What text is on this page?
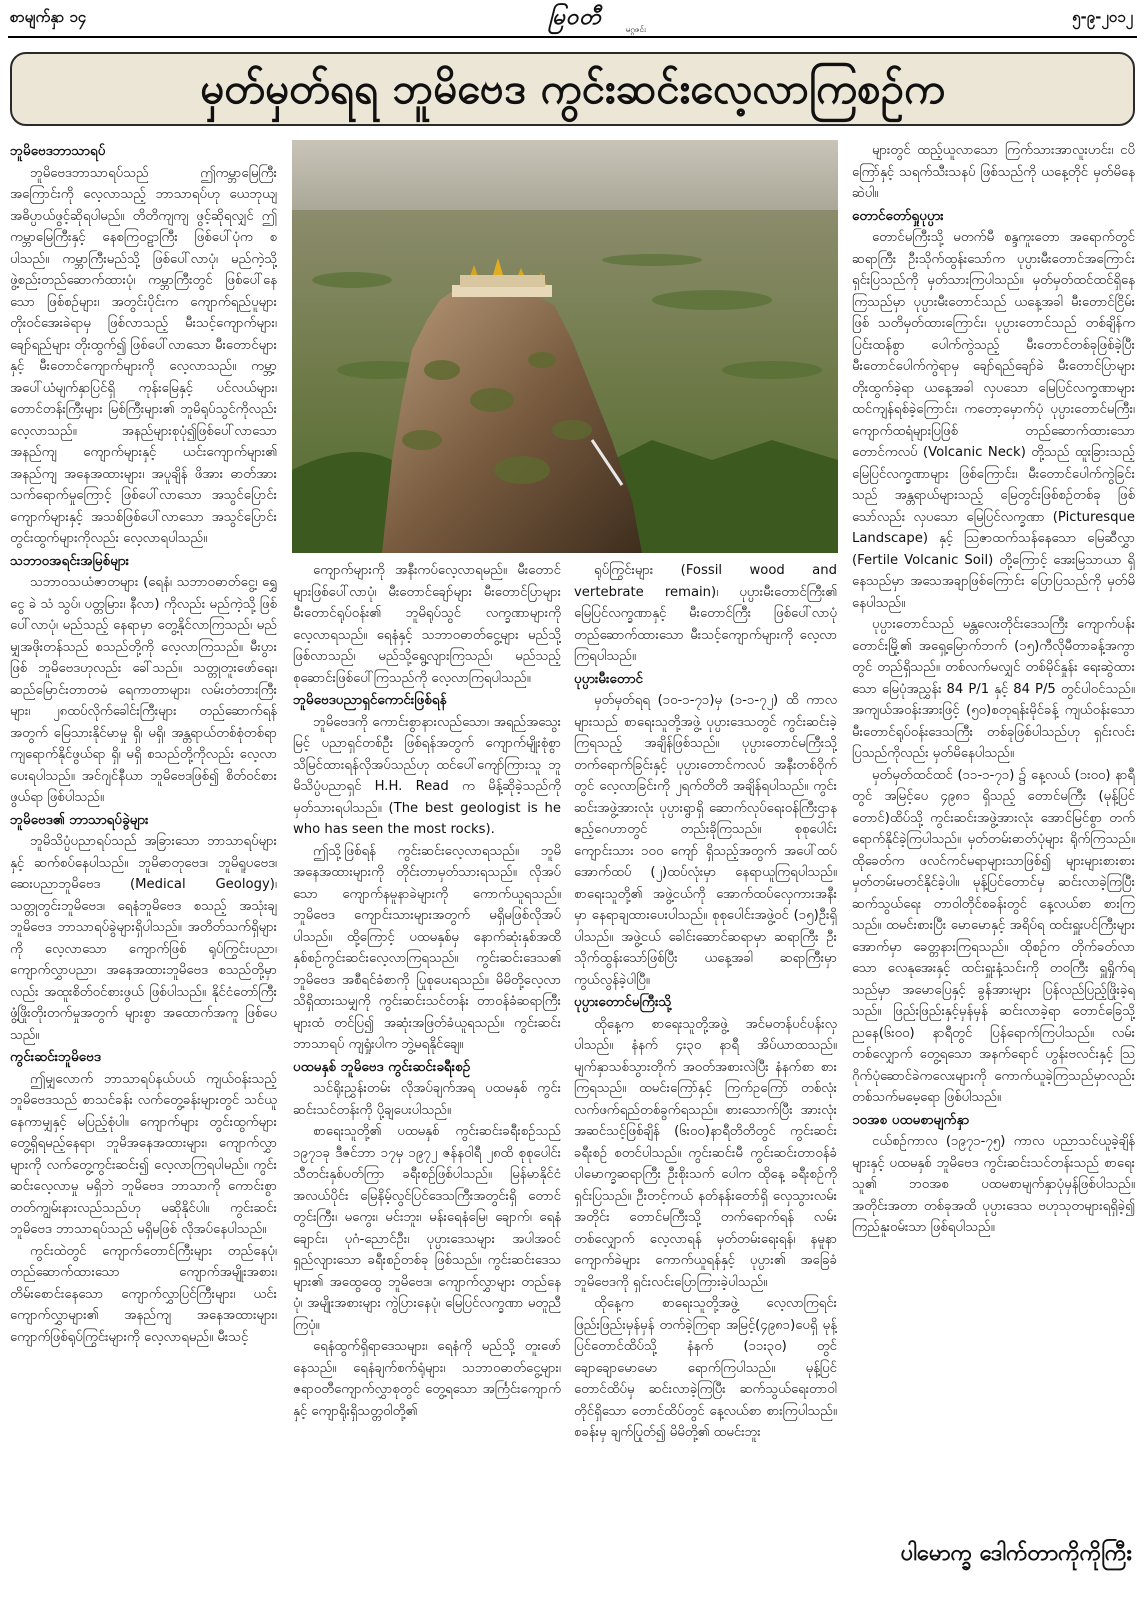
စာမျက်နှာ ၁၄	မြဝတီ	မဂ္ဂဇင်း
၅-၉-၂၀၁၂
မှတ်မှတ်ရရ ဘူမိဗေဒ ကွင်းဆင်းလေ့လာကြစဉ်က
ဘူမိဗေဒဘာသာရပ်

ဘူမိဗေဒဘာသာရပ်သည် ဤကမ္ဘာမြေကြီး အကြောင်းကို လေ့လာသည့် ဘာသာရပ်ဟု ယေဘုယျ အဓိပ္ပာယ်ဖွင့်ဆိုရပါမည်။ တိတိကျကျ ဖွင့်ဆိုရလျှင် ဤကမ္ဘာမြေကြီးနှင့် နေစကြဝဠာကြီး ဖြစ်ပေါ်ပုံက စပါသည်။ ကမ္ဘာကြီးမည်သို့ ဖြစ်ပေါ်လာပုံ၊ မည်ကဲ့သို့ ဖွဲ့စည်းတည်ဆောက်ထားပုံ၊ ကမ္ဘာကြီးတွင် ဖြစ်ပေါ်နေသော ဖြစ်စဉ်များ၊ အတွင်းပိုင်းက ကျောက်ရည်ပူများ တိုးဝင်အေးခဲရာမှ ဖြစ်လာသည့် မီးသင့်ကျောက်များ၊ ချော်ရည်များ တိုးထွက်၍ ဖြစ်ပေါ်လာသော မီးတောင်များနှင့် မီးတောင်ကျောက်များကို လေ့လာသည်။ ကမ္ဘာ့အပေါ်ယံမျက်နှာပြင်ရှိ ကုန်းမြေနှင့် ပင်လယ်များ၊ တောင်တန်းကြီးများ မြစ်ကြီးများ၏ ဘူမိရုပ်သွင်ကိုလည်း လေ့လာသည်။ အနည်များစုပုံ၍ဖြစ်ပေါ်လာသော အနည်ကျ ကျောက်များနှင့် ယင်းကျောက်များ၏ အနည်ကျ အနေအထားများ၊ အပူချိန် ဖိအား ဓာတ်အား သက်ရောက်မှုကြောင့် ဖြစ်ပေါ်လာသော အသွင်ပြောင်းကျောက်များနှင့် အသစ်ဖြစ်ပေါ်လာသော အသွင်ပြောင်း တွင်းထွက်များကိုလည်း လေ့လာရပါသည်။

သဘာဝအရင်းအမြစ်များ

သဘာဝသယံဇာတများ (ရေနံ၊ သဘာဝဓာတ်ငွေ့၊ ရွှေ ငွေ ခဲ သံ သွပ်၊ ပတ္တမြား၊ နီလာ) ကိုလည်း မည်ကဲ့သို့ ဖြစ်ပေါ်လာပုံ၊ မည်သည့် နေရာမှာ တွေ့နိုင်လာကြသည်၊ မည်မျှအဖိုးတန်သည် စသည်တို့ကို လေ့လာကြသည်။ မီးပွားဖြစ် ဘူမိဗေဒဟုလည်း ခေါ်သည်။ သတ္တုတူးဖော်ရေး၊ ဆည်မြောင်းတာတမံ ရေကာတာများ၊ လမ်းတံတားကြီးများ၊ ၂၈ထပ်လိုက်ခေါင်းကြီးများ တည်ဆောက်ရန်အတွက် မြေသားနိုင်မာမှု ရှိ၊ မရှိ၊ အန္တရာယ်တစ်စုံတစ်ရာ ကျရောက်နိုင်ဖွယ်ရာ ရှိ၊ မရှိ စသည်တို့ကိုလည်း လေ့လာပေးရပါသည်။ အင်ဂျင်နီယာ ဘူမိဗေဒဖြစ်၍ စိတ်ဝင်စားဖွယ်ရာ ဖြစ်ပါသည်။

ဘူမိဗေဒ၏ ဘာသာရပ်ခွဲများ

ဘူမိသိပ္ပံပညာရပ်သည် အခြားသော ဘာသာရပ်များနှင့် ဆက်စပ်နေပါသည်။ ဘူမိဓာတုဗေဒ၊ ဘူမိရူပဗေဒ၊ ဆေးပညာဘူမိဗေဒ (Medical Geology)၊ သတ္တုတွင်းဘူမိဗေဒ၊ ရေနံဘူမိဗေဒ စသည့် အသုံးချ ဘူမိဗေဒ ဘာသာရပ်ခွဲများရှိပါသည်။ အတိတ်သက်ရှိများကို လေ့လာသော ကျောက်ဖြစ် ရုပ်ကြွင်းပညာ၊ ကျောက်လွှာပညာ၊ အနေအထားဘူမိဗေဒ စသည်တို့မှာလည်း အထူးစိတ်ဝင်စားဖွယ် ဖြစ်ပါသည်။ နိုင်ငံတော်ကြီး ဖွံ့ဖြိုးတိုးတက်မှုအတွက် များစွာ အထောက်အကူ ဖြစ်ပေသည်။

ကွင်းဆင်းဘူမိဗေဒ

ဤမျှလောက် ဘာသာရပ်နယ်ပယ် ကျယ်ဝန်းသည့် ဘူမိဗေဒသည် စာသင်ခန်း လက်တွေ့ခန်းများတွင် သင်ယူနေကာမျှနှင့် မပြည့်စုံပါ။ ကျောက်များ တွင်းထွက်များ တွေ့ရှိရမည့်နေရာ၊ ဘူမိအနေအထားများ၊ ကျောက်လွှာများကို လက်တွေ့ကွင်းဆင်း၍ လေ့လာကြရပါမည်။ ကွင်းဆင်းလေ့လာမှု မရှိဘဲ ဘူမိဗေဒ ဘာသာကို ကောင်းစွာ တတ်ကျွမ်းနားလည်သည်ဟု မဆိုနိုင်ပါ။ ကွင်းဆင်းဘူမိဗေဒ ဘာသာရပ်သည် မရှိမဖြစ် လိုအပ်နေပါသည်။

ကွင်းထဲတွင် ကျောက်တောင်ကြီးများ တည်နေပုံ၊ တည်ဆောက်ထားသော ကျောက်အမျိုးအစား၊ တိမ်းစောင်းနေသော ကျောက်လွှာပြင်ကြီးများ၊ ယင်းကျောက်လွှာများ၏ အနည်ကျ အနေအထားများ၊ ကျောက်ဖြစ်ရုပ်ကြွင်းများကို လေ့လာရမည်။ မီးသင့်

ကျောက်များကို အနီးကပ်လေ့လာရမည်။ မီးတောင်များဖြစ်ပေါ်လာပုံ၊ မီးတောင်ချော်များ မီးတောင်ပြာများ မီးတောင်ရုပ်ဝန်း၏ ဘူမိရုပ်သွင် လက္ခဏာများကို လေ့လာရသည်။ ရေနံနှင့် သဘာဝဓာတ်ငွေ့များ မည်သို့ဖြစ်လာသည်၊ မည်သို့ရွေ့လျားကြသည်၊ မည်သည့် စုဆောင်းဖြစ်ပေါ်ကြသည်ကို လေ့လာကြရပါသည်။

ဘူမိဗေဒပညာရှင်ကောင်းဖြစ်ရန်

ဘူမိဗေဒကို ကောင်းစွာနားလည်သော၊ အရည်အသွေးမြင့် ပညာရှင်တစ်ဦး ဖြစ်ရန်အတွက် ကျောက်မျိုးစုံစွာ သိမြင်ထားရန်လိုအပ်သည်ဟု ထင်ပေါ်ကျော်ကြားသူ ဘူမိသိပ္ပံပညာရှင် H.H. Read က မိန့်ဆိုခဲ့သည်ကို မှတ်သားရပါသည်။ (The best geologist is he who has seen the most rocks).

ဤသို့ဖြစ်ရန် ကွင်းဆင်းလေ့လာရသည်။ ဘူမိအနေအထားများကို တိုင်းတာမှတ်သားရသည်။ လိုအပ်သော ကျောက်နမူနာခဲများကို ကောက်ယူရသည်။ ဘူမိဗေဒ ကျောင်းသားများအတွက် မရှိမဖြစ်လိုအပ်ပါသည်။ ထို့ကြောင့် ပထမနှစ်မှ နောက်ဆုံးနှစ်အထိ နှစ်စဉ်ကွင်းဆင်းလေ့လာကြရသည်။ ကွင်းဆင်းဒေသ၏ ဘူမိဗေဒ အစီရင်ခံစာကို ပြုစုပေးရသည်။ မိမိတို့လေ့လာ သိရှိထားသမျှကို ကွင်းဆင်းသင်တန်း တာဝန်ခံဆရာကြီးများထံ တင်ပြ၍ အဆုံးအဖြတ်ခံယူရသည်။ ကွင်းဆင်းဘာသာရပ် ကျရှုံးပါက ဘွဲ့မရနိုင်ချေ။

ပထမနှစ် ဘူမိဗေဒ ကွင်းဆင်းခရီးစဉ်

သင်ရိုးညွှန်းတမ်း လိုအပ်ချက်အရ ပထမနှစ် ကွင်းဆင်းသင်တန်းကို ပို့ချပေးပါသည်။

စာရေးသူတို့၏ ပထမနှစ် ကွင်းဆင်းခရီးစဉ်သည် ၁၉၇၁ခု ဒီဇင်ဘာ ၁၇မှ ၁၉၇၂ ဇန်နဝါရီ ၂၈ထိ စုစုပေါင်း သီတင်းနှစ်ပတ်ကြာ ခရီးစဉ်ဖြစ်ပါသည်။ မြန်မာနိုင်ငံ အလယ်ပိုင်း မြေနိမ့်လွင်ပြင်ဒေသကြီးအတွင်းရှိ တောင်တွင်းကြီး၊ မကွေး၊ မင်းဘူး၊ မန်းရေနံမြေ၊ ချောက်၊ ရေနံချောင်း၊ ပုဂံ-ညောင်ဦး၊ ပုပ္ပားဒေသများ အပါအဝင် ရှည်လျားသော ခရီးစဉ်တစ်ခု ဖြစ်သည်။ ကွင်းဆင်းဒေသများ၏ အထွေထွေ ဘူမိဗေဒ၊ ကျောက်လွှာများ တည်နေပုံ၊ အမျိုးအစားများ ကွဲပြားနေပုံ၊ မြေပြင်လက္ခဏာ မတူညီကြပုံ။

ရေနံထွက်ရှိရာဒေသများ၊ ရေနံကို မည်သို့ တူးဖော်နေသည်။ ရေနံချက်စက်ရုံများ၊ သဘာဝဓာတ်ငွေ့များ၊ ဇရာဝတီကျောက်လွှာစုတွင် တွေ့ရသော အင်္ကြင်းကျောက်နှင့် ကျောရိုးရှိသတ္တဝါတို့၏

ရုပ်ကြွင်းများ (Fossil wood and vertebrate remain)၊ ပုပ္ပားမီးတောင်ကြီး၏ မြေပြင်လက္ခဏာနှင့် မီးတောင်ကြီး ဖြစ်ပေါ်လာပုံ တည်ဆောက်ထားသော မီးသင့်ကျောက်များကို လေ့လာကြရပါသည်။

ပုပ္ပားမီးတောင်

မှတ်မှတ်ရရ (၁၀-၁-၇၁)မှ (၁-၁-၇၂) ထိ ကာလများသည် စာရေးသူတို့အဖွဲ့ ပုပ္ပားဒေသတွင် ကွင်းဆင်းခဲ့ကြရသည့် အချိန်ဖြစ်သည်။ ပုပ္ပားတောင်မကြီးသို့ တက်ရောက်ခြင်းနှင့် ပုပ္ပားတောင်ကလပ် အနီးတစ်ဝိုက်တွင် လေ့လာခြင်းကို ၂ရက်တိတိ အချိန်ရပါသည်။ ကွင်းဆင်းအဖွဲ့အားလုံး ပုပ္ပားရွာရှိ ဆောက်လုပ်ရေးဝန်ကြီးဌာန ဧည့်ဂေဟာတွင် တည်းခိုကြသည်။ စုစုပေါင်း ကျောင်းသား ၁၀၀ ကျော် ရှိသည့်အတွက် အပေါ်ထပ်အောက်ထပ် (၂)ထပ်လုံးမှာ နေရာယူကြရပါသည်။ စာရေးသူတို့၏ အဖွဲ့ငယ်ကို အောက်ထပ်လှေကားအနီးမှာ နေရာချထားပေးပါသည်။ စုစုပေါင်းအဖွဲ့ဝင် (၁၅)ဦးရှိပါသည်။ အဖွဲ့ငယ် ခေါင်းဆောင်ဆရာမှာ ဆရာကြီး ဦးသိုက်ထွန်းသော်ဖြစ်ပြီး ယနေ့အခါ ဆရာကြီးမှာ ကွယ်လွန်ခဲ့ပါပြီ။

ပုပ္ပားတောင်မကြီးသို့

ထိုနေ့က စာရေးသူတို့အဖွဲ့ အင်မတန်ပင်ပန်းလှပါသည်။ နံနက် ၄း၃၀ နာရီ အိပ်ယာထသည်။ မျက်နှာသစ်သွားတိုက် အဝတ်အစားလဲပြီး နံနက်စာ စားကြရသည်။ ထမင်းကြော်နှင့် ကြက်ဥကြော် တစ်လုံး လက်ဖက်ရည်တစ်ခွက်ရသည်။ စားသောက်ပြီး အားလုံးအဆင်သင့်ဖြစ်ချိန် (၆း၀၀)နာရီတိတိတွင် ကွင်းဆင်းခရီးစဉ် စတင်ပါသည်။ ကွင်းဆင်းမီ ကွင်းဆင်းတာဝန်ခံ ပါမောက္ခဆရာကြီး ဦးစိုးသက် ပေါက ထိုနေ့ ခရီးစဉ်ကို ရှင်းပြသည်။ ဦးတင့်ကယ် နတ်နန်းတော်ရှိ လှေသွားလမ်းအတိုင်း တောင်မကြီးသို့ တက်ရောက်ရန် လမ်းတစ်လျှောက် လေ့လာရန် မှတ်တမ်းရေးရန်၊ နမူနာကျောက်ခဲများ ကောက်ယူရန်နှင့် ပုပ္ပား၏ အခြေခံ ဘူမိဗေဒကို ရှင်းလင်းပြောကြားခဲ့ပါသည်။

ထိုနေ့က စာရေးသူတို့အဖွဲ့ လေ့လာကြရင်း ဖြည်းဖြည်းမှန်မှန် တက်ခဲ့ကြရာ အမြင့်(၄၉၈၁)ပေရှိ မုန့်ပြင်တောင်ထိပ်သို့ နံနက် (၁၁း၃၀) တွင် ချောချောမောမော ရောက်ကြပါသည်။ မုန့်ပြင်တောင်ထိပ်မှ ဆင်းလာခဲ့ကြပြီး ဆက်သွယ်ရေးတာဝါတိုင်ရှိသော တောင်ထိပ်တွင် နေ့လယ်စာ စားကြပါသည်။ စခန်းမှ ချက်ပြုတ်၍ မိမိတို့၏ ထမင်းဘူး

များတွင် ထည့်ယူလာသော ကြက်သားအာလူးဟင်း၊ ငပိကြော်နှင့် သရက်သီးသနပ် ဖြစ်သည်ကို ယနေ့တိုင် မှတ်မိနေဆဲပါ။

တောင်တော်ရှုပုပ္ပား

တောင်မကြီးသို့ မတက်မီ စန္ဒကူးတော အရောက်တွင် ဆရာကြီး ဦးသိုက်ထွန်းသော်က ပုပ္ပားမီးတောင်အကြောင်း ရှင်းပြသည်ကို မှတ်သားကြပါသည်။ မှတ်မှတ်ထင်ထင်ရှိနေကြသည်မှာ ပုပ္ပားမီးတောင်သည် ယနေ့အခါ မီးတောင်ငြိမ်းဖြစ် သတိမှတ်ထားကြောင်း၊ ပုပ္ပားတောင်သည် တစ်ချိန်က ပြင်းထန်စွာ ပေါက်ကွဲသည့် မီးတောင်တစ်ခုဖြစ်ခဲ့ပြီး မီးတောင်ပေါက်ကွဲရာမှ ချော်ရည်ချော်ခဲ မီးတောင်ပြာများ တိုးထွက်ခဲ့ရာ ယနေ့အခါ လှပသော မြေပြင်လက္ခဏာများ ထင်ကျန်ရစ်ခဲ့ကြောင်း၊ ကတော့မှောက်ပုံ ပုပ္ပားတောင်မကြီး၊ ကျောက်ထရံများပြဖြစ် တည်ဆောက်ထားသော တောင်ကလပ် (Volcanic Neck) တို့သည် ထူးခြားသည့် မြေပြင်လက္ခဏာများ ဖြစ်ကြောင်း၊ မီးတောင်ပေါက်ကွဲခြင်းသည် အန္တရာယ်များသည့် မြေတွင်းဖြစ်စဉ်တစ်ခု ဖြစ်သော်လည်း လှပသော မြေပြင်လက္ခဏာ (Picturesque Landscape) နှင့် ဩဇာထက်သန်နေသော မြေဆီလွှာ (Fertile Volcanic Soil) တို့ကြောင့် အေးမြသာယာ ရှိနေသည်မှာ အသေအချာဖြစ်ကြောင်း ပြောပြသည်ကို မှတ်မိနေပါသည်။

ပုပ္ပားတောင်သည် မန္တလေးတိုင်းဒေသကြီး ကျောက်ပန်းတောင်းမြို့၏ အရှေ့မြောက်ဘက် (၁၅)ကီလိုမီတာခန့်အကွာတွင် တည်ရှိသည်။ တစ်လက်မလျှင် တစ်မိုင်နှုန်း ရေးဆွဲထားသော မြေပုံအညွှန်း 84 P/1 နှင့် 84 P/5 တွင်ပါဝင်သည်။ အကျယ်အဝန်းအားဖြင့် (၅၀)စတုရန်းမိုင်ခန့် ကျယ်ဝန်းသော မီးတောင်ရုပ်ဝန်းဒေသကြီး တစ်ခုဖြစ်ပါသည်ဟု ရှင်းလင်းပြသည်ကိုလည်း မှတ်မိနေပါသည်။

မှတ်မှတ်ထင်ထင် (၁၁-၁-၇၁) ၌ နေ့လယ် (၁း၀၀) နာရီတွင် အမြင့်ပေ ၄၉၈၁ ရှိသည့် တောင်မကြီး (မုန့်ပြင်တောင်)ထိပ်သို့ ကွင်းဆင်းအဖွဲ့အားလုံး အောင်မြင်စွာ တက်ရောက်နိုင်ခဲ့ကြပါသည်။ မှတ်တမ်းဓာတ်ပုံများ ရိုက်ကြသည်။ ထိုခေတ်က ဖလင်ကင်မရာများသာဖြစ်၍ များများစားစား မှတ်တမ်းမတင်နိုင်ခဲ့ပါ။ မုန့်ပြင်တောင်မှ ဆင်းလာခဲ့ကြပြီး ဆက်သွယ်ရေး တာဝါတိုင်စခန်းတွင် နေ့လယ်စာ စားကြသည်။ ထမင်းစားပြီး မောမောနှင့် အရိပ်ရ ထင်းရှူးပင်ကြီးများအောက်မှာ ခေတ္တနားကြရသည်။ ထိုစဉ်က တိုက်ခတ်လာသော လေနုအေးနှင့် ထင်းရှူးနံ့သင်းကို တဝကြီး ရှူရှိုက်ရသည်မှာ အမောပြေနှင့် ခွန်အားများ ပြန်လည်ပြည့်ဖြိုးခဲ့ရသည်။ ဖြည်းဖြည်းနှင့်မှန်မှန် ဆင်းလာခဲ့ရာ တောင်ခြေသို့ ညနေ(၆း၀၀) နာရီတွင် ပြန်ရောက်ကြပါသည်။ လမ်းတစ်လျှောက် တွေ့ရသော အနက်ရောင် ဟွန်းဗလင်းနှင့် ဩဂိုက်ပုံဆောင်ခဲကလေးများကို ကောက်ယူခဲ့ကြသည်မှာလည်း တစ်သက်မမေ့ရော ဖြစ်ပါသည်။

၁၀အစ ပထမစာမျက်နှာ

ငယ်စဉ်ကာလ (၁၉၇၁-၇၅) ကာလ ပညာသင်ယူခဲ့ချိန်များနှင့် ပထမနှစ် ဘူမိဗေဒ ကွင်းဆင်းသင်တန်းသည် စာရေးသူ၏ ဘဝအစ ပထမစာမျက်နှာပုံမှန်ဖြစ်ပါသည်။ အတိုင်းအတာ တစ်ခုအထိ ပုပ္ပားဒေသ ဗဟုသုတများရရှိခဲ့၍ ကြည်နူးဝမ်းသာ ဖြစ်ရပါသည်။

ပါမောက္ခ ဒေါက်တာကိုကိုကြီး
